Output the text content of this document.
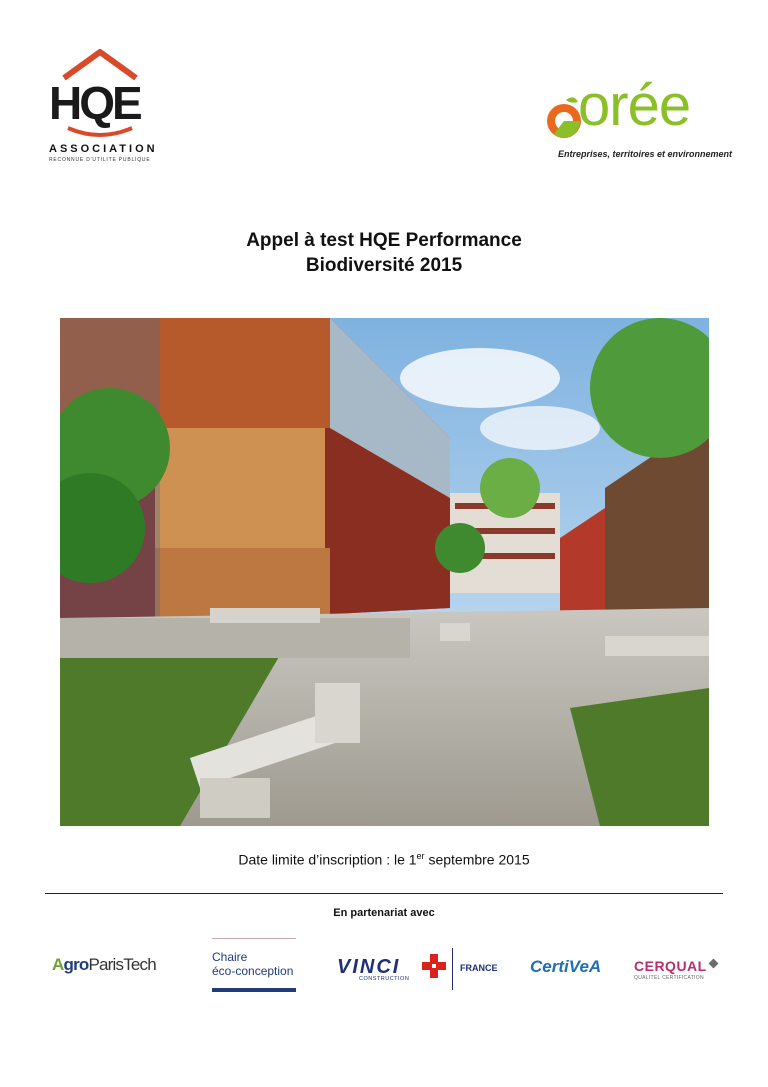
HQE
ASSOCIATION
RECONNUE D'UTILITE PUBLIQUE
orée
Entreprises, territoires et environnement
Appel à test HQE Performance
Biodiversité 2015
Date limite d’inscription : le 1er septembre 2015
En partenariat avec
AgroParisTech	Chaire
éco-conception VINCI
CONSTRUCTION
FRANCE CertiVeA CERQUAL
QUALITEL CERTIFICATION
